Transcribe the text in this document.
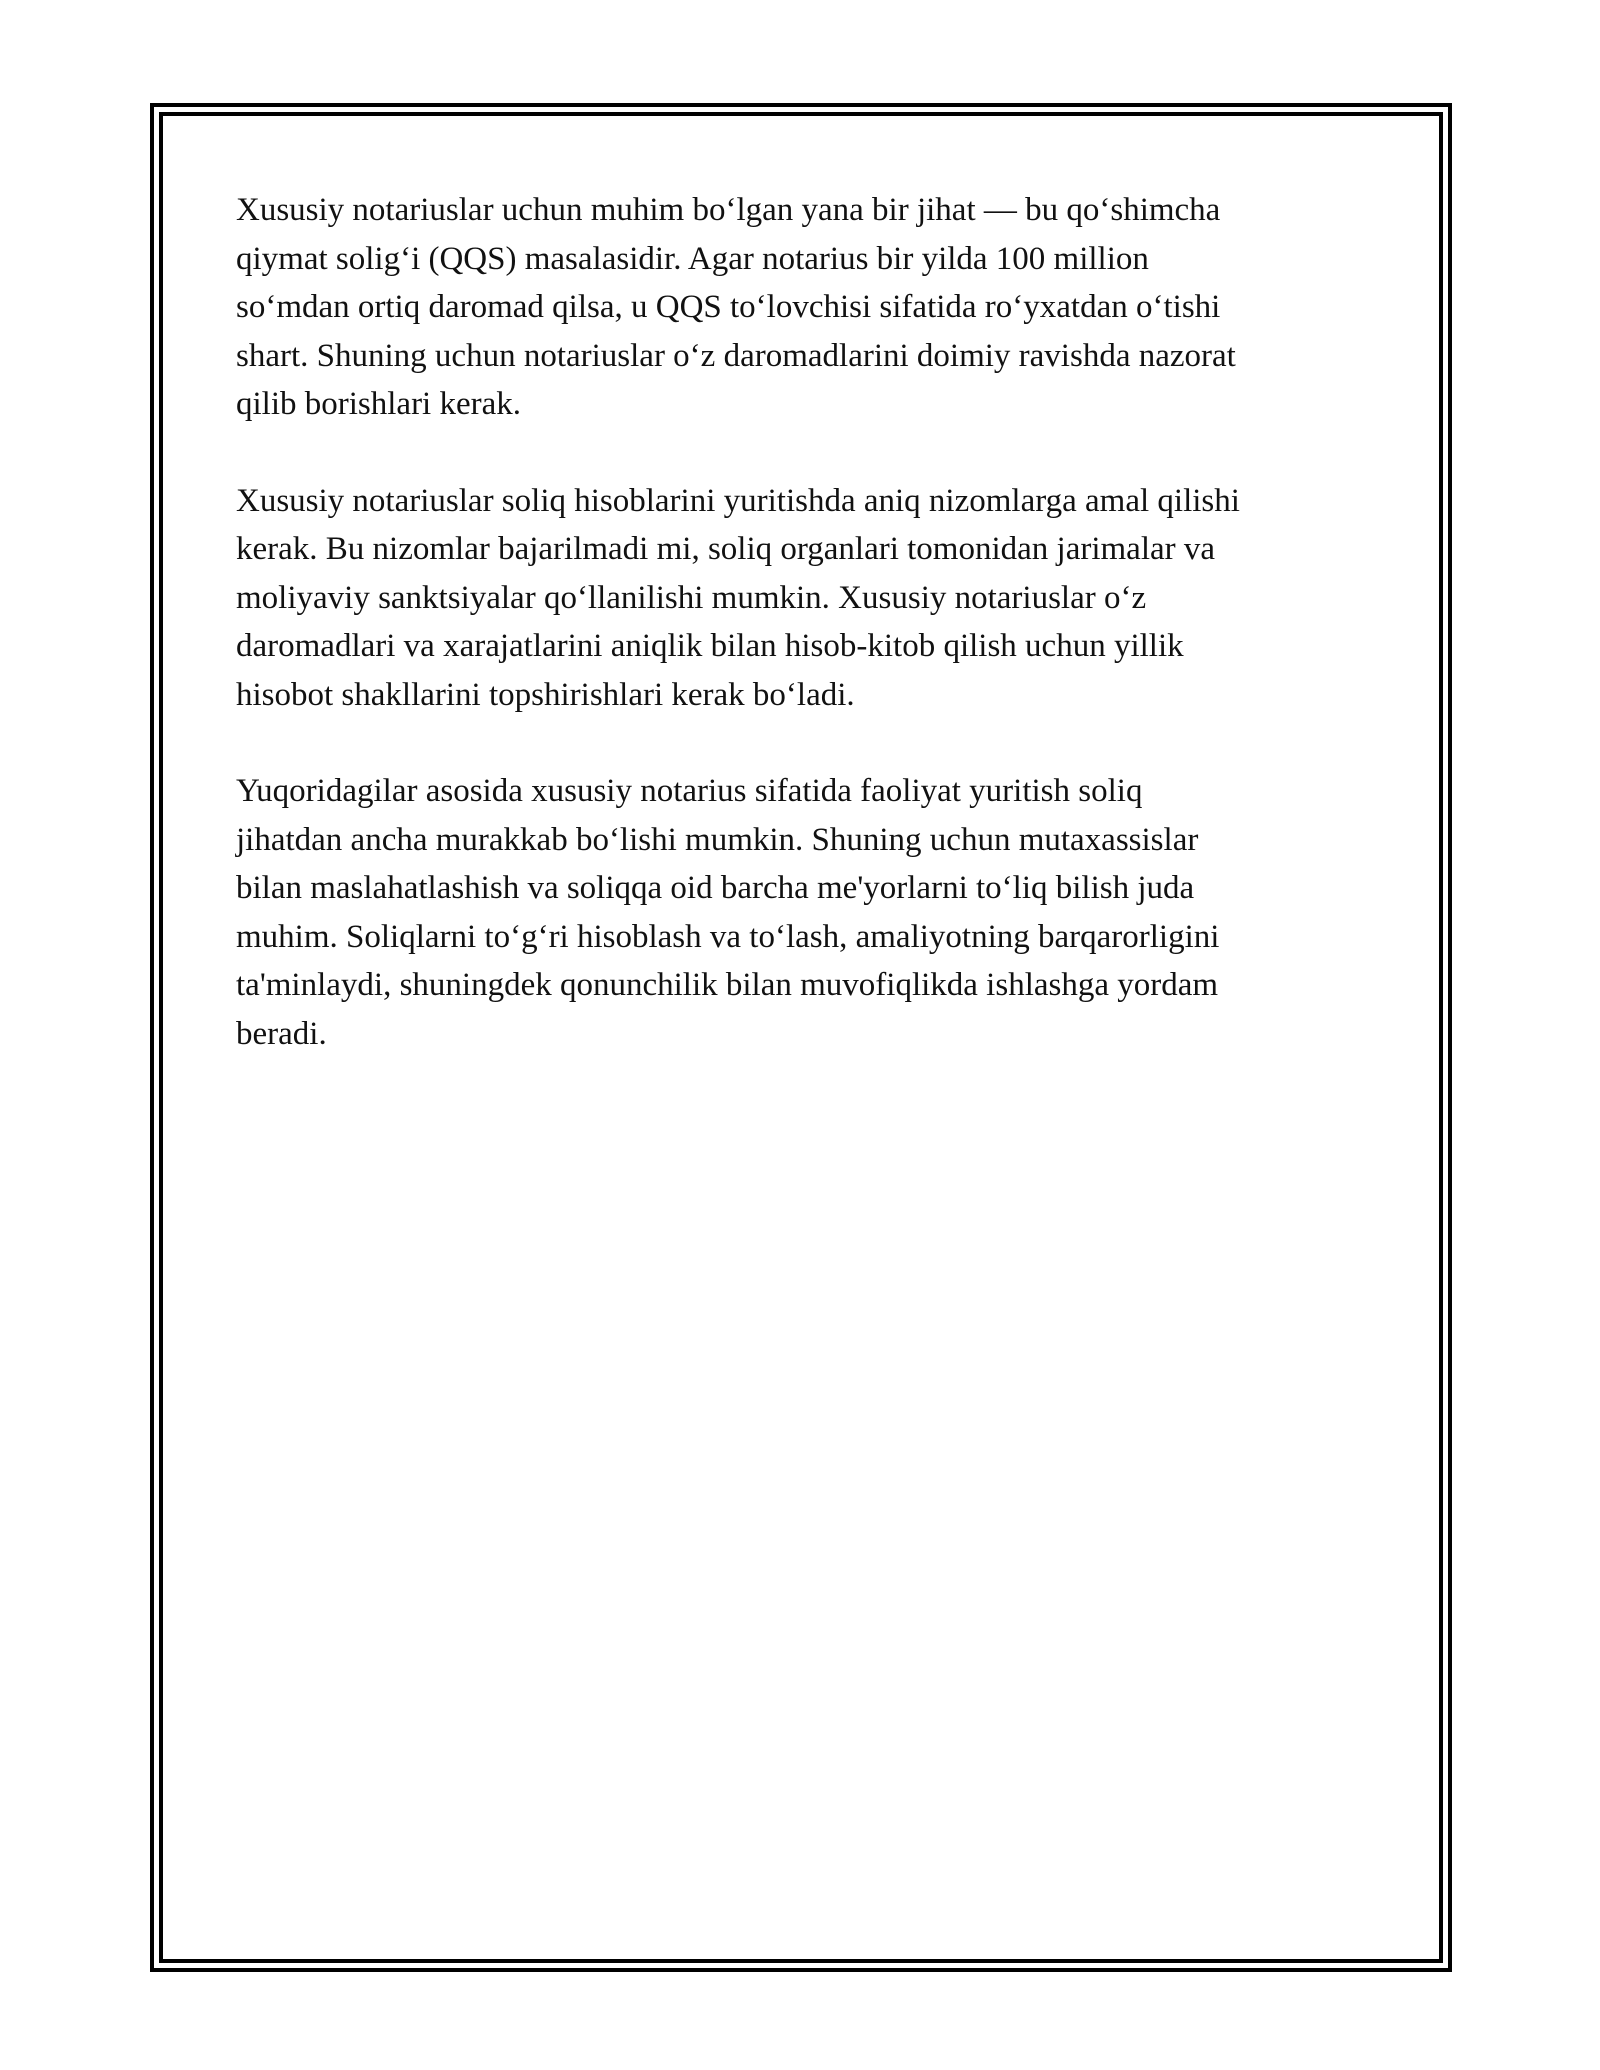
Xususiy notariuslar uchun muhim bo‘lgan yana bir jihat — bu qo‘shimcha
qiymat solig‘i (QQS) masalasidir. Agar notarius bir yilda 100 million
so‘mdan ortiq daromad qilsa, u QQS to‘lovchisi sifatida ro‘yxatdan o‘tishi
shart. Shuning uchun notariuslar o‘z daromadlarini doimiy ravishda nazorat
qilib borishlari kerak.

Xususiy notariuslar soliq hisoblarini yuritishda aniq nizomlarga amal qilishi
kerak. Bu nizomlar bajarilmadi mi, soliq organlari tomonidan jarimalar va
moliyaviy sanktsiyalar qo‘llanilishi mumkin. Xususiy notariuslar o‘z
daromadlari va xarajatlarini aniqlik bilan hisob-kitob qilish uchun yillik
hisobot shakllarini topshirishlari kerak bo‘ladi.

Yuqoridagilar asosida xususiy notarius sifatida faoliyat yuritish soliq
jihatdan ancha murakkab bo‘lishi mumkin. Shuning uchun mutaxassislar
bilan maslahatlashish va soliqqa oid barcha me'yorlarni to‘liq bilish juda
muhim. Soliqlarni to‘g‘ri hisoblash va to‘lash, amaliyotning barqarorligini
ta'minlaydi, shuningdek qonunchilik bilan muvofiqlikda ishlashga yordam
beradi.
